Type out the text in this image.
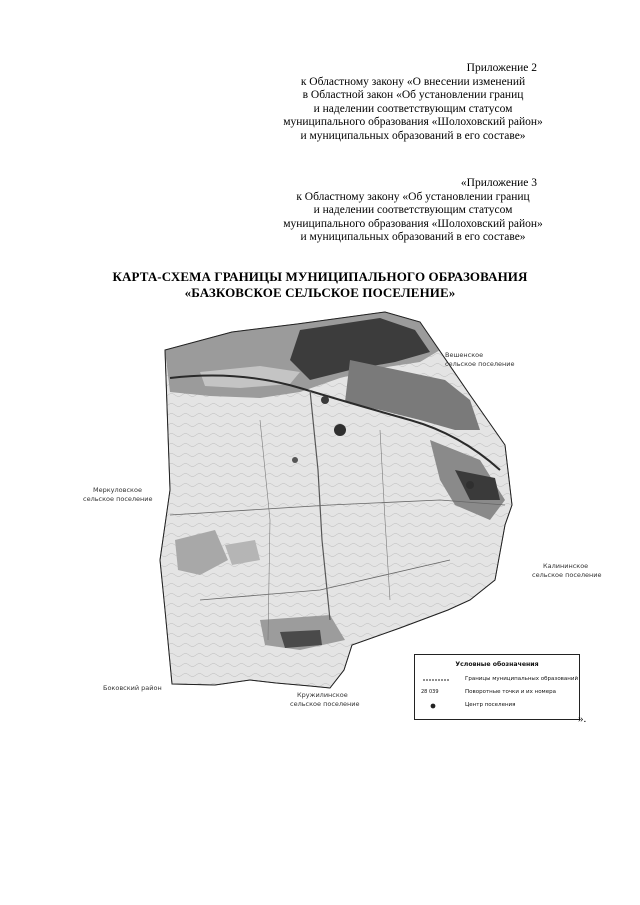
Приложение 2
к Областному закону «О внесении изменений
в Областной закон «Об установлении границ
и наделении соответствующим статусом
муниципального образования «Шолоховский район»
и муниципальных образований в его составе»
«Приложение 3
к Областному закону «Об установлении границ
и наделении соответствующим статусом
муниципального образования «Шолоховский район»
и муниципальных образований в его составе»
КАРТА-СХЕМА ГРАНИЦЫ МУНИЦИПАЛЬНОГО ОБРАЗОВАНИЯ
«БАЗКОВСКОЕ СЕЛЬСКОЕ ПОСЕЛЕНИЕ»
Вешенское
сельское поселение
Меркуловское
сельское поселение
Калининское
сельское поселение
Боковский район
Кружилинское
сельское поселение
Условные обозначения
Границы муниципальных образований
28 039	Поворотные точки и их номера
Центр поселения
».
